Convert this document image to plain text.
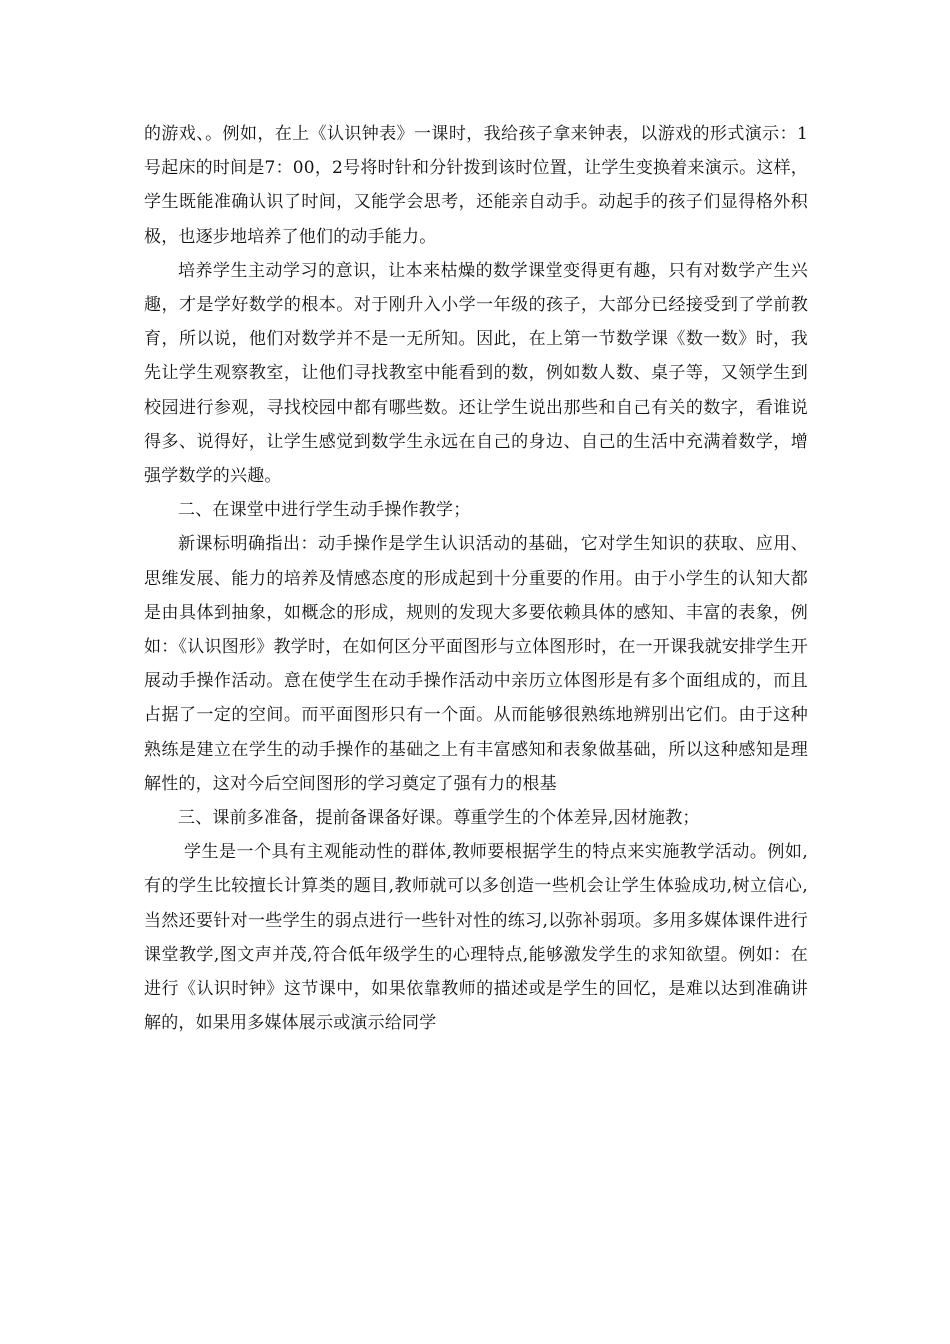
的游戏、。例如，在上《认识钟表》一课时，我给孩子拿来钟表，以游戏的形式演示：1号起床的时间是7：00，2号将时针和分针拨到该时位置，让学生变换着来演示。这样，学生既能准确认识了时间，又能学会思考，还能亲自动手。动起手的孩子们显得格外积极，也逐步地培养了他们的动手能力。

培养学生主动学习的意识，让本来枯燥的数学课堂变得更有趣，只有对数学产生兴趣，才是学好数学的根本。对于刚升入小学一年级的孩子，大部分已经接受到了学前教育，所以说，他们对数学并不是一无所知。因此，在上第一节数学课《数一数》时，我先让学生观察教室，让他们寻找教室中能看到的数，例如数人数、桌子等，又领学生到校园进行参观，寻找校园中都有哪些数。还让学生说出那些和自己有关的数字，看谁说得多、说得好，让学生感觉到数学生永远在自己的身边、自己的生活中充满着数学，增强学数学的兴趣。

二、在课堂中进行学生动手操作教学；

新课标明确指出：动手操作是学生认识活动的基础，它对学生知识的获取、应用、思维发展、能力的培养及情感态度的形成起到十分重要的作用。由于小学生的认知大都是由具体到抽象，如概念的形成，规则的发现大多要依赖具体的感知、丰富的表象，例如：《认识图形》教学时，在如何区分平面图形与立体图形时，在一开课我就安排学生开展动手操作活动。意在使学生在动手操作活动中亲历立体图形是有多个面组成的，而且占据了一定的空间。而平面图形只有一个面。从而能够很熟练地辨别出它们。由于这种熟练是建立在学生的动手操作的基础之上有丰富感知和表象做基础，所以这种感知是理解性的，这对今后空间图形的学习奠定了强有力的根基

三、课前多准备，提前备课备好课。尊重学生的个体差异,因材施教；

学生是一个具有主观能动性的群体,教师要根据学生的特点来实施教学活动。例如,有的学生比较擅长计算类的题目,教师就可以多创造一些机会让学生体验成功,树立信心,当然还要针对一些学生的弱点进行一些针对性的练习,以弥补弱项。多用多媒体课件进行课堂教学,图文声并茂,符合低年级学生的心理特点,能够激发学生的求知欲望。例如：在进行《认识时钟》这节课中，如果依靠教师的描述或是学生的回忆，是难以达到准确讲解的，如果用多媒体展示或演示给同学
